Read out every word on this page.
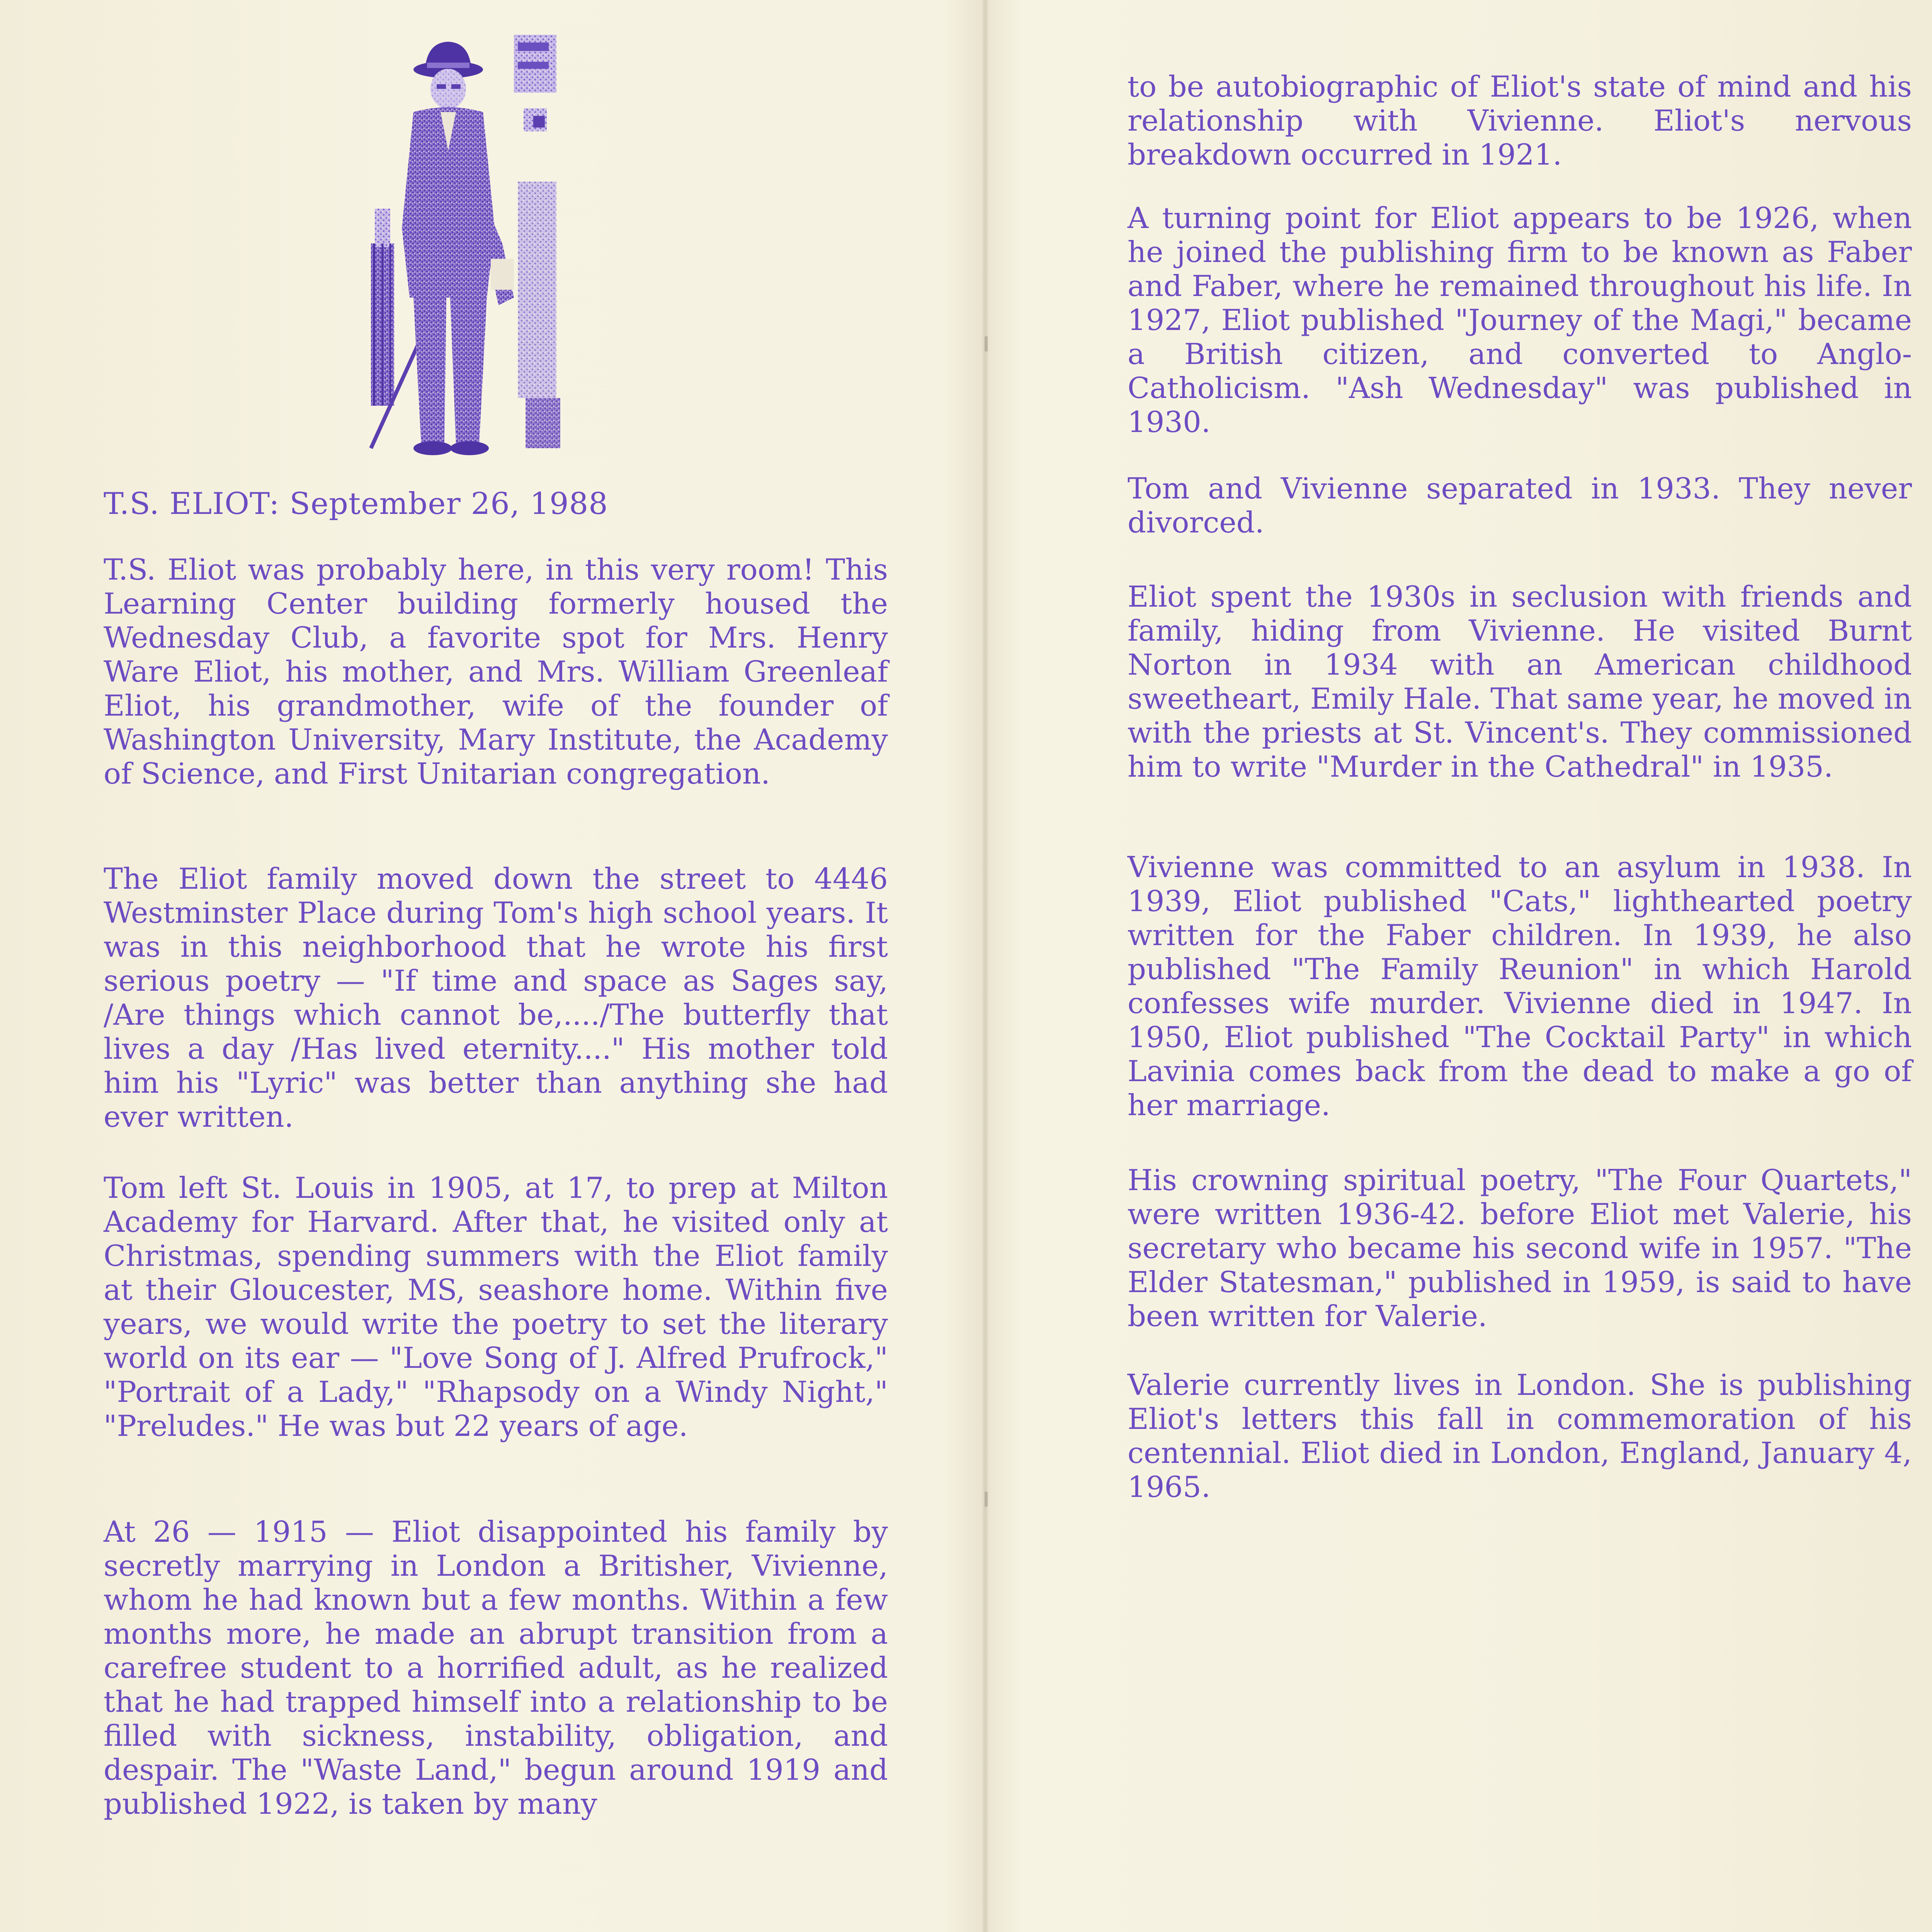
T.S. ELIOT: September 26, 1988

T.S. Eliot was probably here, in this very room! This Learning Center building formerly housed the Wednesday Club, a favorite spot for Mrs. Henry Ware Eliot, his mother, and Mrs. William Greenleaf Eliot, his grandmother, wife of the founder of Washington University, Mary Institute, the Academy of Science, and First Unitarian congregation.

The Eliot family moved down the street to 4446 Westminster Place during Tom's high school years. It was in this neighborhood that he wrote his first serious poetry — "If time and space as Sages say, /Are things which cannot be,..../The butterfly that lives a day /Has lived eternity...." His mother told him his "Lyric" was better than anything she had ever written.

Tom left St. Louis in 1905, at 17, to prep at Milton Academy for Harvard. After that, he visited only at Christmas, spending summers with the Eliot family at their Gloucester, MS, seashore home. Within five years, we would write the poetry to set the literary world on its ear — "Love Song of J. Alfred Prufrock," "Portrait of a Lady," "Rhapsody on a Windy Night," "Preludes." He was but 22 years of age.

At 26 — 1915 — Eliot disappointed his family by secretly marrying in London a Britisher, Vivienne, whom he had known but a few months. Within a few months more, he made an abrupt transition from a carefree student to a horrified adult, as he realized that he had trapped himself into a relationship to be filled with sickness, instability, obligation, and despair. The "Waste Land," begun around 1919 and published 1922, is taken by many

to be autobiographic of Eliot's state of mind and his relationship with Vivienne. Eliot's nervous breakdown occurred in 1921.

A turning point for Eliot appears to be 1926, when he joined the publishing firm to be known as Faber and Faber, where he remained throughout his life. In 1927, Eliot published "Journey of the Magi," became a British citizen, and converted to Anglo-Catholicism. "Ash Wednesday" was published in 1930.

Tom and Vivienne separated in 1933. They never divorced.

Eliot spent the 1930s in seclusion with friends and family, hiding from Vivienne. He visited Burnt Norton in 1934 with an American childhood sweetheart, Emily Hale. That same year, he moved in with the priests at St. Vincent's. They commissioned him to write "Murder in the Cathedral" in 1935.

Vivienne was committed to an asylum in 1938. In 1939, Eliot published "Cats," lighthearted poetry written for the Faber children. In 1939, he also published "The Family Reunion" in which Harold confesses wife murder. Vivienne died in 1947. In 1950, Eliot published "The Cocktail Party" in which Lavinia comes back from the dead to make a go of her marriage.

His crowning spiritual poetry, "The Four Quartets," were written 1936-42. before Eliot met Valerie, his secretary who became his second wife in 1957. "The Elder Statesman," published in 1959, is said to have been written for Valerie.

Valerie currently lives in London. She is publishing Eliot's letters this fall in commemoration of his centennial. Eliot died in London, England, January 4, 1965.
